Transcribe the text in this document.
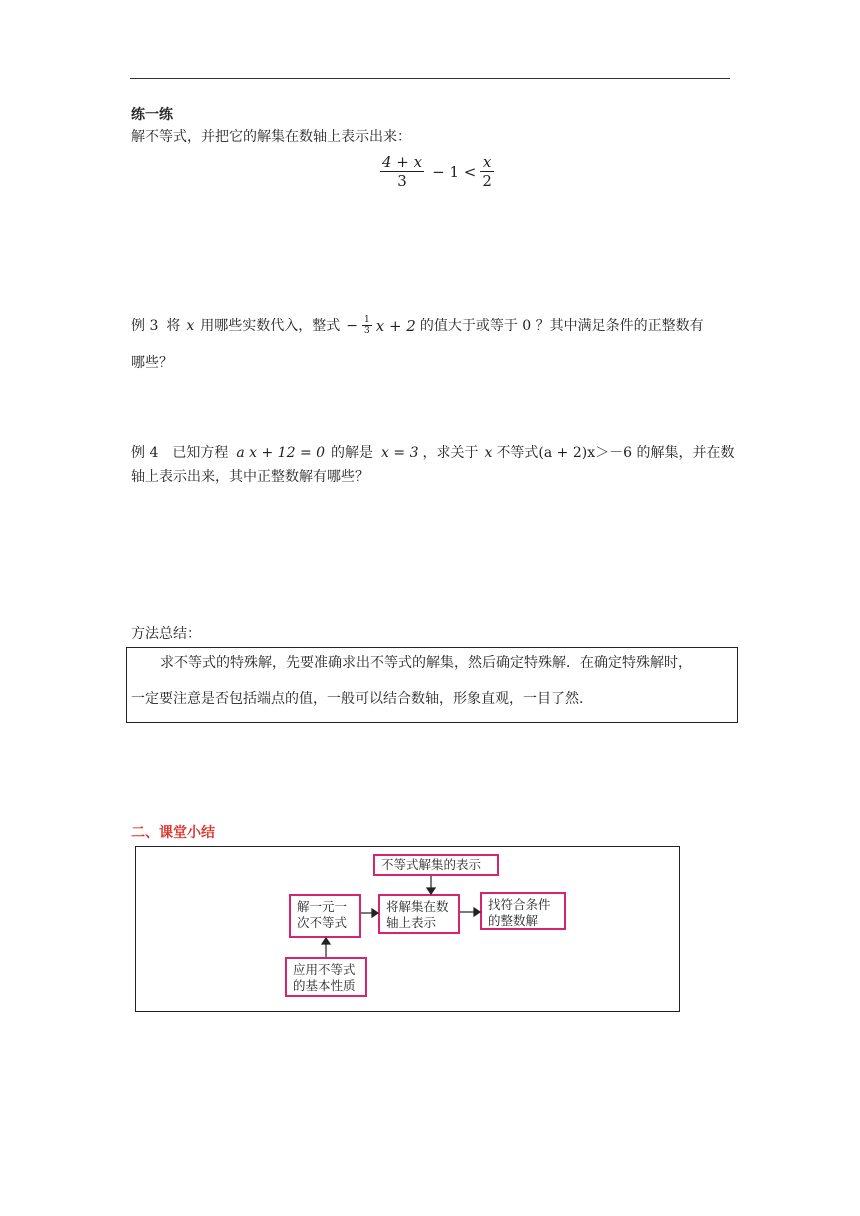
练一练
解不等式，并把它的解集在数轴上表示出来：
$\frac{4 + x}{3} - 1 < \frac{x}{2}$
例 3 将 x 用哪些实数代入，整式 − $\frac{1}{3}$ x + 2 的值大于或等于 0 ？其中满足条件的正整数有
哪些？
例 4 已知方程 a x + 12 = 0 的解是 x = 3 ，求关于 x 不等式(a + 2)x＞－6 的解集，并在数
轴上表示出来，其中正整数解有哪些？
方法总结：
求不等式的特殊解，先要准确求出不等式的解集，然后确定特殊解．在确定特殊解时，
一定要注意是否包括端点的值，一般可以结合数轴，形象直观，一目了然.
二、课堂小结
不等式解集的表示
解一元一
次不等式
将解集在数
轴上表示
找符合条件
的整数解
应用不等式
的基本性质
